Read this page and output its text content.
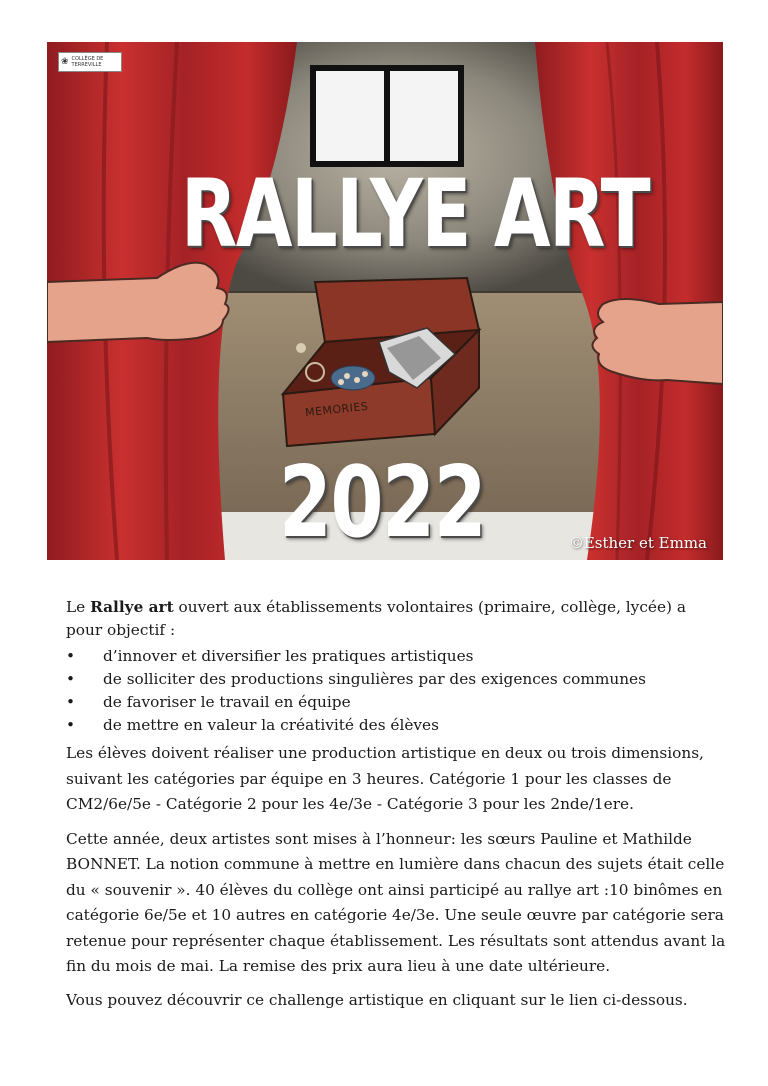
❀ COLLÈGE DE
TERREVILLE
RALLYE ART
MEMORIES
2022	©Esther et Emma

Le Rallye art ouvert aux établissements volontaires (primaire, collège, lycée) a pour objectif :

• d’innover et diversifier les pratiques artistiques
• de solliciter des productions singulières par des exigences communes
• de favoriser le travail en équipe
• de mettre en valeur la créativité des élèves

Les élèves doivent réaliser une production artistique en deux ou trois dimensions, suivant les catégories par équipe en 3 heures. Catégorie 1 pour les classes de CM2/6e/5e - Catégorie 2 pour les 4e/3e - Catégorie 3 pour les 2nde/1ere.

Cette année, deux artistes sont mises à l’honneur: les sœurs Pauline et Mathilde BONNET. La notion commune à mettre en lumière dans chacun des sujets était celle du « souvenir ». 40 élèves du collège ont ainsi participé au rallye art :10 binômes en catégorie 6e/5e et 10 autres en catégorie 4e/3e. Une seule œuvre par catégorie sera retenue pour représenter chaque établissement. Les résultats sont attendus avant la fin du mois de mai. La remise des prix aura lieu à une date ultérieure.

Vous pouvez découvrir ce challenge artistique en cliquant sur le lien ci-dessous.
